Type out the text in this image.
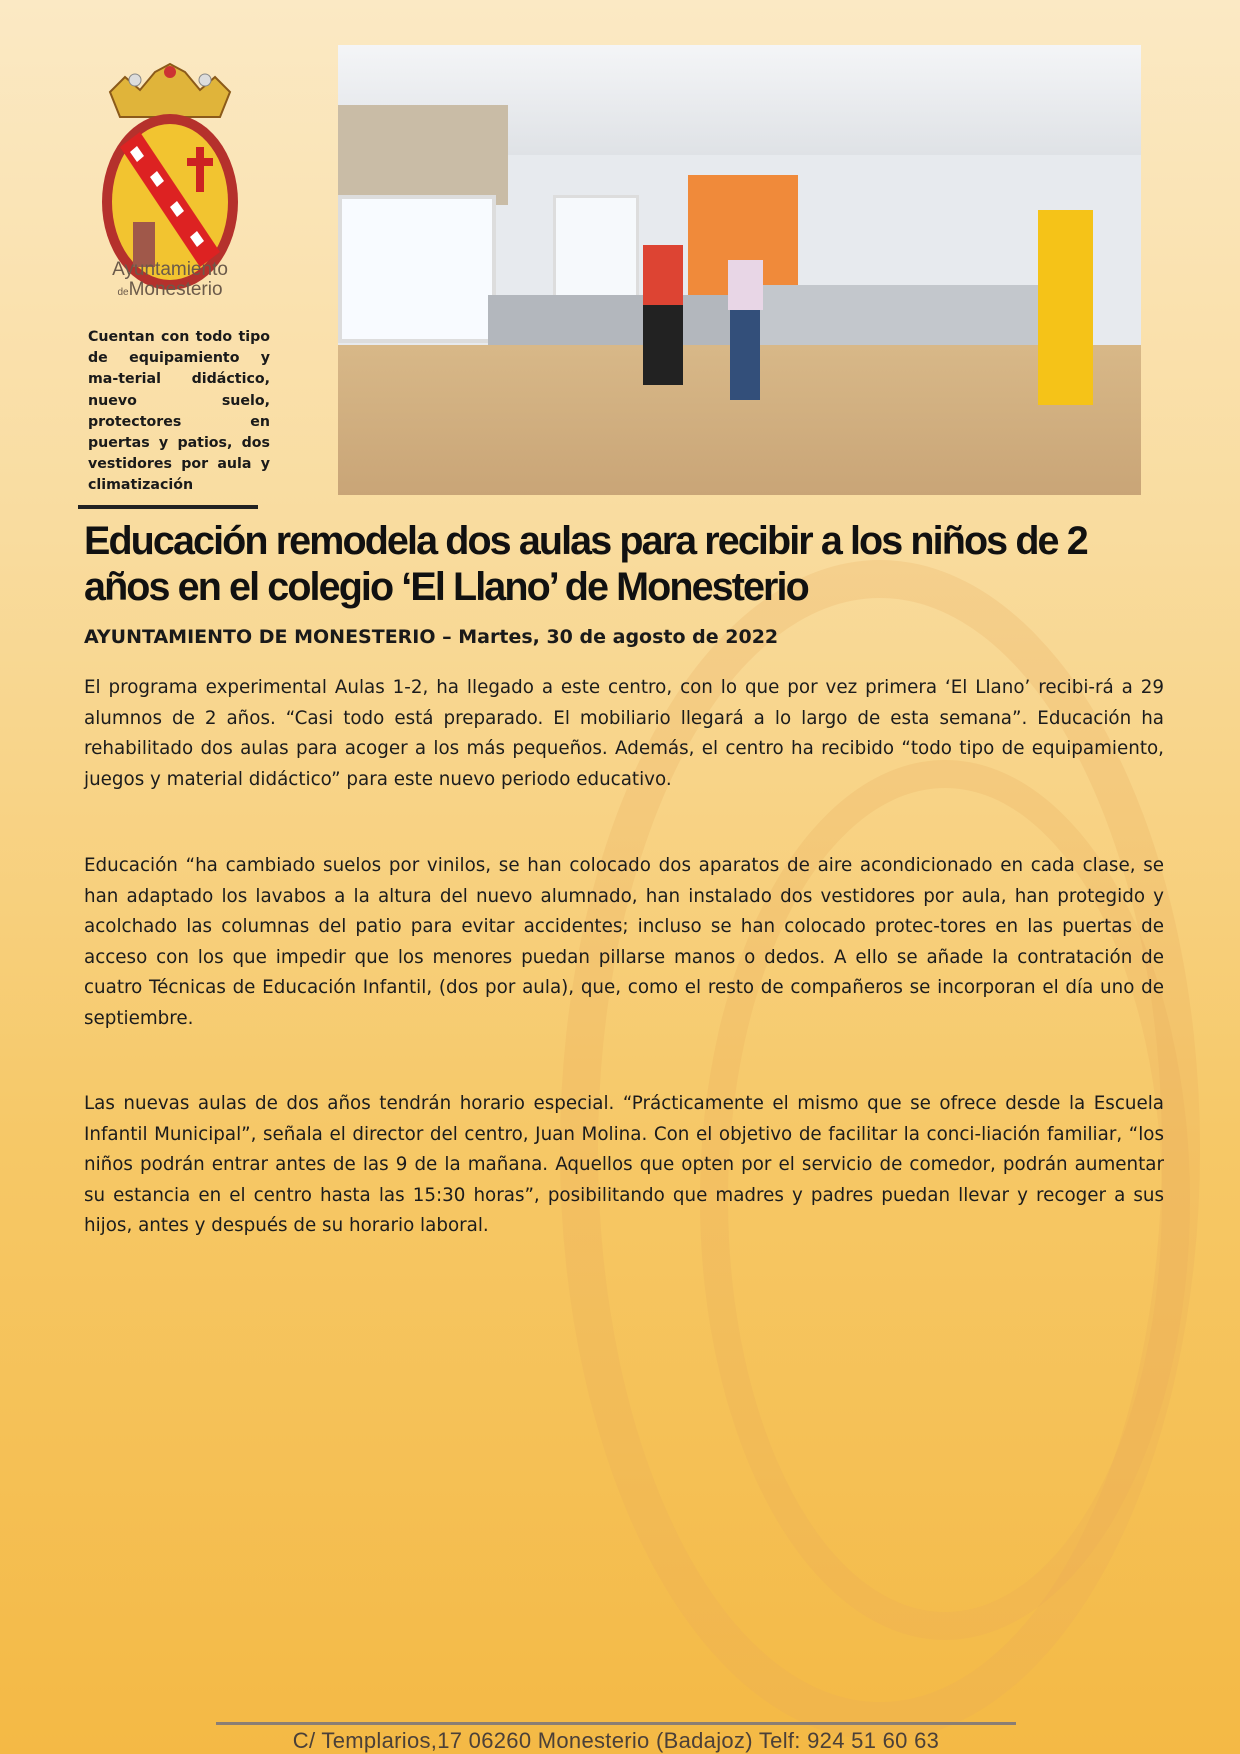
Ayuntamiento
deMonesterio

Cuentan con todo tipo de equipamiento y ma-terial didáctico, nuevo suelo, protectores en puertas y patios, dos vestidores por aula y climatización

Educación remodela dos aulas para recibir a los niños de 2 años en el colegio ‘El Llano’ de Monesterio

AYUNTAMIENTO DE MONESTERIO – Martes, 30 de agosto de 2022

El programa experimental Aulas 1-2, ha llegado a este centro, con lo que por vez primera ‘El Llano’ recibi-rá a 29 alumnos de 2 años. “Casi todo está preparado. El mobiliario llegará a lo largo de esta semana”. Educación ha rehabilitado dos aulas para acoger a los más pequeños. Además, el centro ha recibido “todo tipo de equipamiento, juegos y material didáctico” para este nuevo periodo educativo.

Educación “ha cambiado suelos por vinilos, se han colocado dos aparatos de aire acondicionado en cada clase, se han adaptado los lavabos a la altura del nuevo alumnado, han instalado dos vestidores por aula, han protegido y acolchado las columnas del patio para evitar accidentes; incluso se han colocado protec-tores en las puertas de acceso con los que impedir que los menores puedan pillarse manos o dedos. A ello se añade la contratación de cuatro Técnicas de Educación Infantil, (dos por aula), que, como el resto de compañeros se incorporan el día uno de septiembre.

Las nuevas aulas de dos años tendrán horario especial. “Prácticamente el mismo que se ofrece desde la Escuela Infantil Municipal”, señala el director del centro, Juan Molina. Con el objetivo de facilitar la conci-liación familiar, “los niños podrán entrar antes de las 9 de la mañana. Aquellos que opten por el servicio de comedor, podrán aumentar su estancia en el centro hasta las 15:30 horas”, posibilitando que madres y padres puedan llevar y recoger a sus hijos, antes y después de su horario laboral.

C/ Templarios,17 06260 Monesterio (Badajoz) Telf: 924 51 60 63
